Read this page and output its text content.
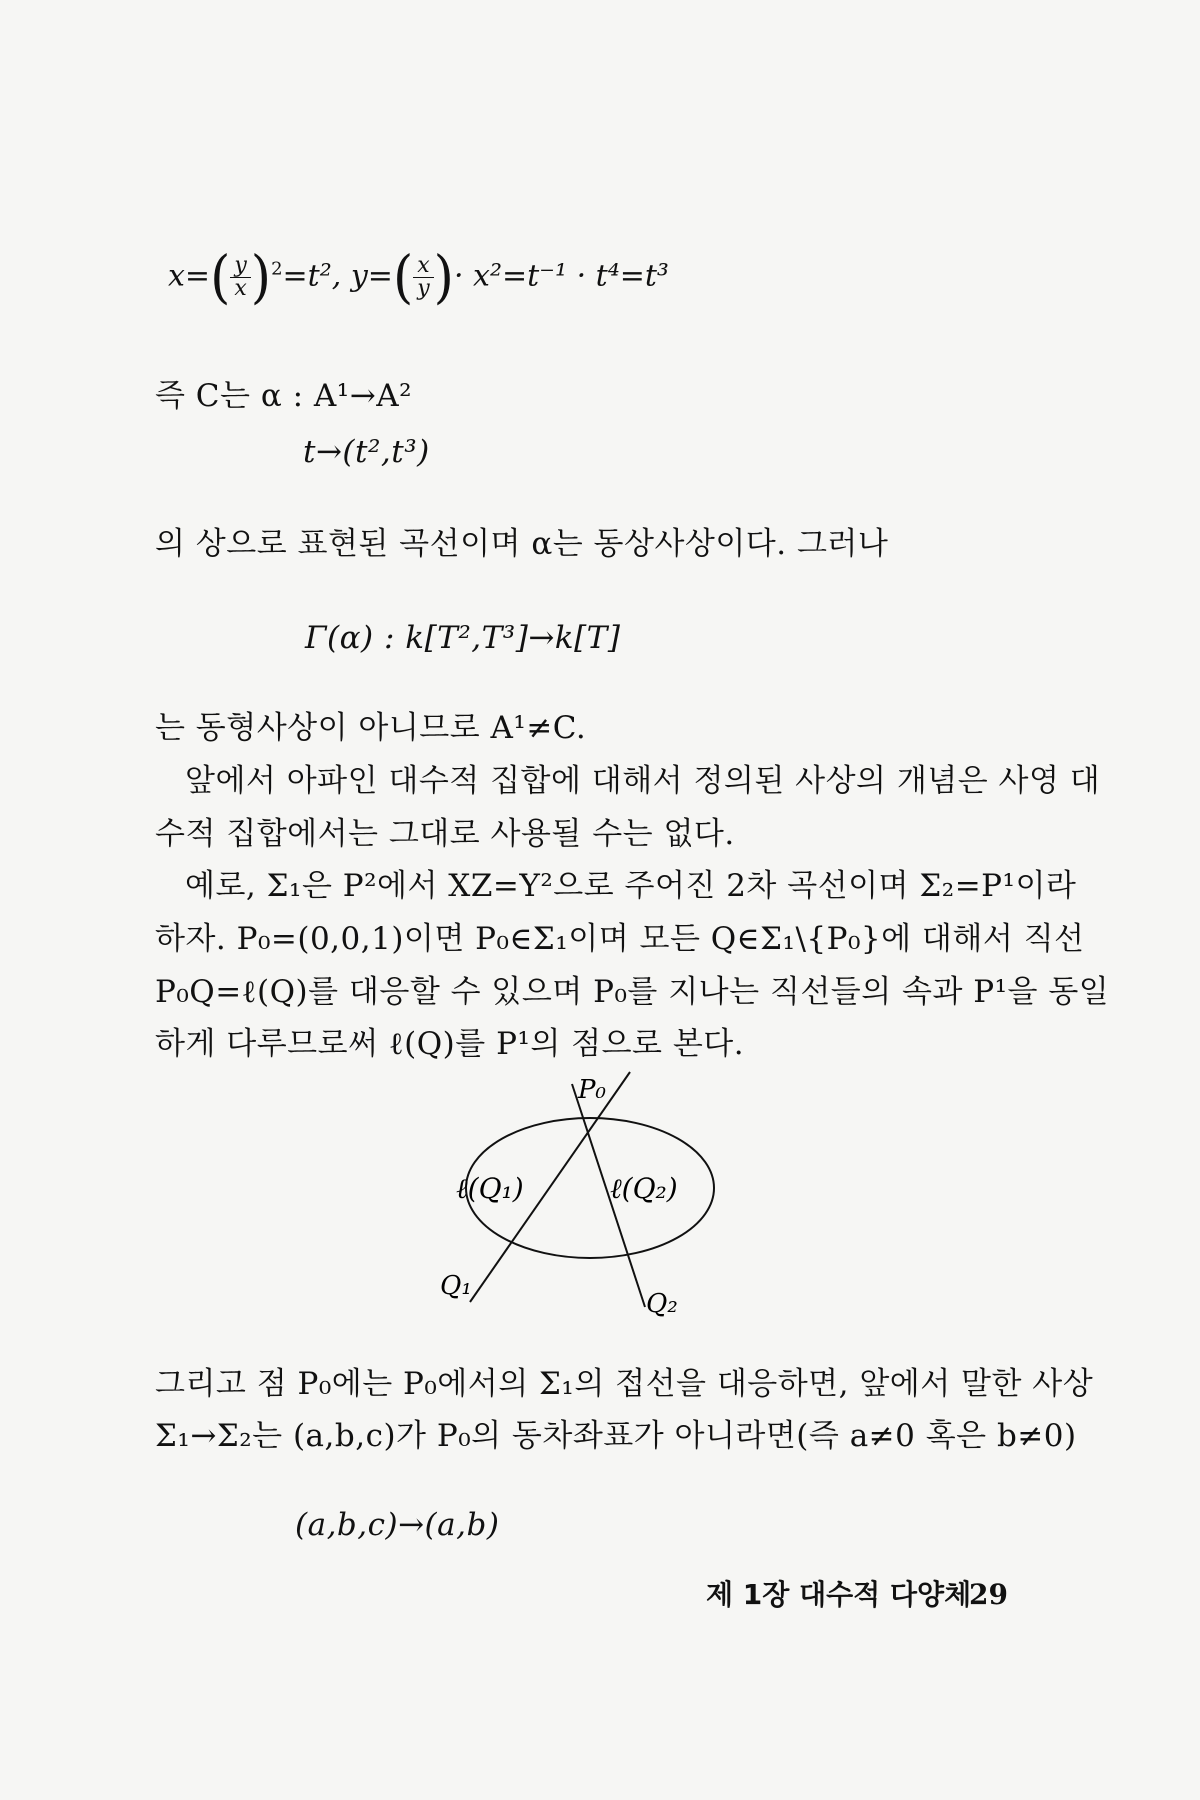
$x=( \frac{y}{x} )^2=t^2$, $y=( \frac{x}{y}$ )· x²=t⁻¹ · t⁴=t³
즉 C는 α : A¹→A²
t→(t²,t³)
의 상으로 표현된 곡선이며 α는 동상사상이다. 그러나
Γ(α) : k[T²,T³]→k[T]
는 동형사상이 아니므로 A¹≠C.
앞에서 아파인 대수적 집합에 대해서 정의된 사상의 개념은 사영 대
수적 집합에서는 그대로 사용될 수는 없다.
예로, Σ₁은 P²에서 XZ=Y²으로 주어진 2차 곡선이며 Σ₂=P¹이라
하자. P₀=(0,0,1)이면 P₀∈Σ₁이며 모든 Q∈Σ₁\{P₀}에 대해서 직선
P₀Q=ℓ(Q)를 대응할 수 있으며 P₀를 지나는 직선들의 속과 P¹을 동일
하게 다루므로써 ℓ(Q)를 P¹의 점으로 본다.
P₀
ℓ(Q₁)	ℓ(Q₂)
Q₁
Q₂
그리고 점 P₀에는 P₀에서의 Σ₁의 접선을 대응하면, 앞에서 말한 사상
Σ₁→Σ₂는 (a,b,c)가 P₀의 동차좌표가 아니라면(즉 a≠0 혹은 b≠0)
(a,b,c)→(a,b)
제 1장 대수적 다양체
29
